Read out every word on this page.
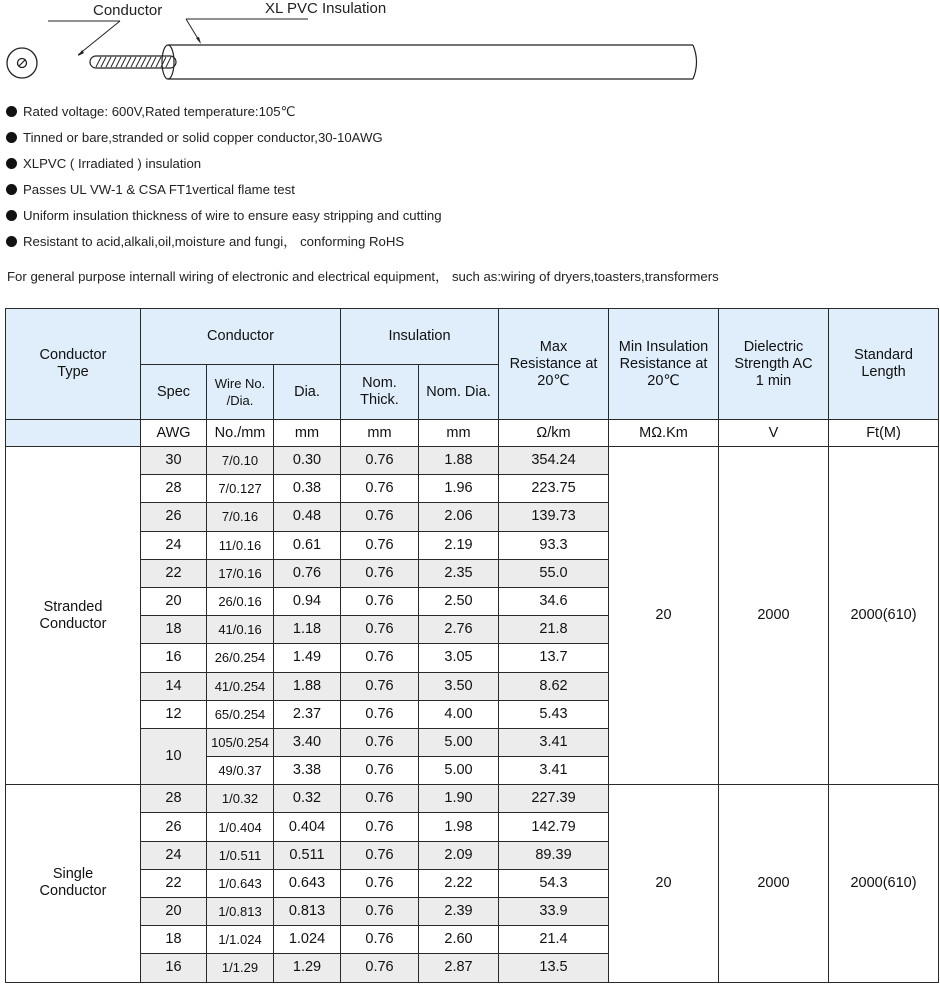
Conductor	XL PVC Insulation
Rated voltage: 600V,Rated temperature:105℃
Tinned or bare,stranded or solid copper conductor,30-10AWG
XLPVC ( Irradiated ) insulation
Passes UL VW-1 & CSA FT1vertical flame test
Uniform insulation thickness of wire to ensure easy stripping and cutting
Resistant to acid,alkali,oil,moisture and fungi， conforming RoHS
For general purpose internall wiring of electronic and electrical equipment， such as:wiring of dryers,toasters,transformers
Conductor Type	Conductor			Insulation		Max Resistance at 20℃	Min Insulation Resistance at 20℃	Dielectric Strength AC 1 min	Standard Length

	Spec	Wire No. /Dia.	Dia.	Nom. Thick.	Nom. Dia.				
	AWG	No./mm	mm	mm	mm	Ω/km	MΩ.Km	V	Ft(M)

Stranded Conductor	30	7/0.10	0.30	0.76	1.88	354.24	20	2000	2000(610)
	28	7/0.127	0.38	0.76	1.96	223.75			
	26	7/0.16	0.48	0.76	2.06	139.73			
	24	11/0.16	0.61	0.76	2.19	93.3			
	22	17/0.16	0.76	0.76	2.35	55.0			
	20	26/0.16	0.94	0.76	2.50	34.6			
	18	41/0.16	1.18	0.76	2.76	21.8			
	16	26/0.254	1.49	0.76	3.05	13.7			
	14	41/0.254	1.88	0.76	3.50	8.62			
	12	65/0.254	2.37	0.76	4.00	5.43			
	10	105/0.254	3.40	0.76	5.00	3.41			
		49/0.37	3.38	0.76	5.00	3.41			

Single Conductor	28	1/0.32	0.32	0.76	1.90	227.39	20	2000	2000(610)
	26	1/0.404	0.404	0.76	1.98	142.79			
	24	1/0.511	0.511	0.76	2.09	89.39			
	22	1/0.643	0.643	0.76	2.22	54.3			
	20	1/0.813	0.813	0.76	2.39	33.9			
	18	1/1.024	1.024	0.76	2.60	21.4			
	16	1/1.29	1.29	0.76	2.87	13.5			
